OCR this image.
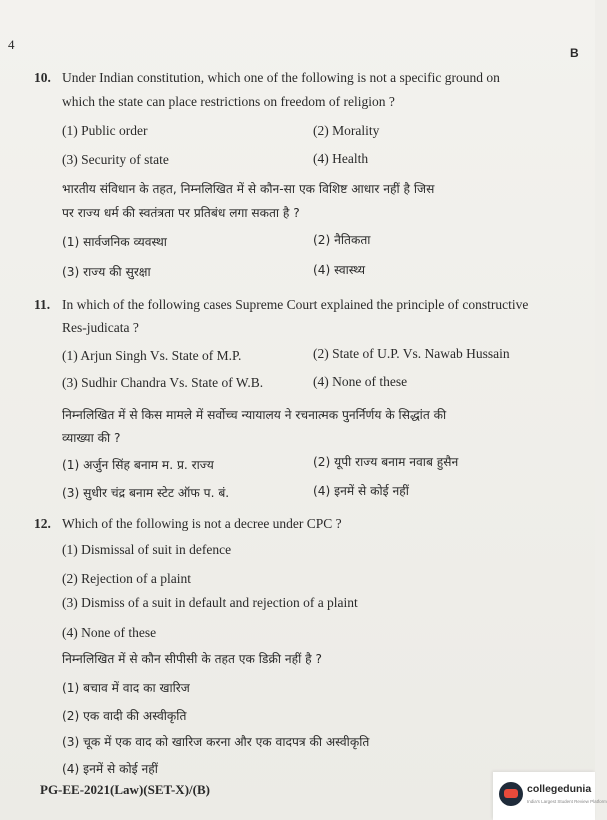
4
B
10. Under Indian constitution, which one of the following is not a specific ground on
which the state can place restrictions on freedom of religion ?
(1) Public order	(2) Morality
(3) Security of state	(4) Health
भारतीय संविधान के तहत, निम्नलिखित में से कौन-सा एक विशिष्ट आधार नहीं है जिस
पर राज्य धर्म की स्वतंत्रता पर प्रतिबंध लगा सकता है ?
(1) सार्वजनिक व्यवस्था	(2) नैतिकता
(3) राज्य की सुरक्षा	(4) स्वास्थ्य
11. In which of the following cases Supreme Court explained the principle of constructive
Res-judicata ?
(1) Arjun Singh Vs. State of M.P.	(2) State of U.P. Vs. Nawab Hussain
(3) Sudhir Chandra Vs. State of W.B.	(4) None of these
निम्नलिखित में से किस मामले में सर्वोच्च न्यायालय ने रचनात्मक पुनर्निर्णय के सिद्धांत की
व्याख्या की ?
(1) अर्जुन सिंह बनाम म. प्र. राज्य	(2) यूपी राज्य बनाम नवाब हुसैन
(3) सुधीर चंद्र बनाम स्टेट ऑफ प. बं.	(4) इनमें से कोई नहीं
12. Which of the following is not a decree under CPC ?
(1) Dismissal of suit in defence
(2) Rejection of a plaint
(3) Dismiss of a suit in default and rejection of a plaint
(4) None of these
निम्नलिखित में से कौन सीपीसी के तहत एक डिक्री नहीं है ?
(1) बचाव में वाद का खारिज
(2) एक वादी की अस्वीकृति
(3) चूक में एक वाद को खारिज करना और एक वादपत्र की अस्वीकृति
(4) इनमें से कोई नहीं
PG-EE-2021(Law)(SET-X)/(B)	collegedunia
India's Largest Student Review Platform
